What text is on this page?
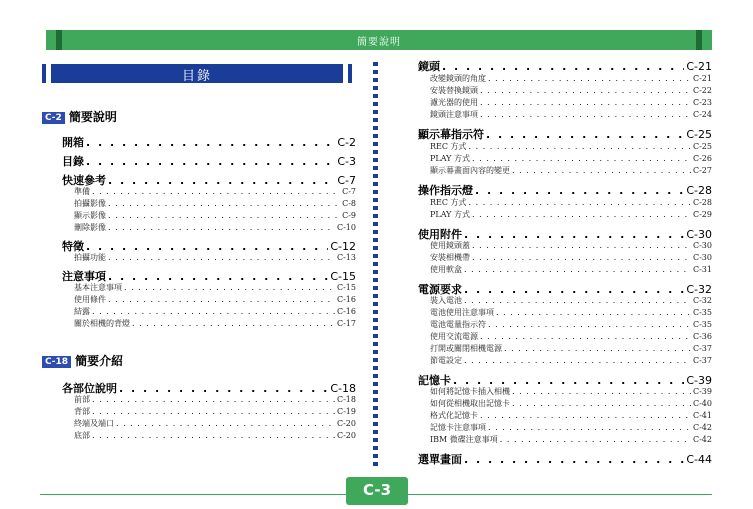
簡要說明
目錄
C-2 簡要說明
開箱 . . .	C-2
目錄 . . .	C-3
快速參考 . . .	C-7
準備 . . .	C-7
拍攝影像 . . .	C-8
顯示影像 . . .	C-9
刪除影像 . . .	C-10
特徵 . . .	C-12
拍攝功能 . . .	C-13
注意事項 . . .	C-15
基本注意事項 . . .	C-15
使用條件 . . .	C-16
結露 . . .	C-16
關於相機的背燈 . . .	C-17
C-18 簡要介紹
各部位說明 . . .	C-18
前部 . . .	C-18
背部 . . .	C-19
終端及端口 . . .	C-20
底部 . . .	C-20
鏡頭 . . .	C-21
改變鏡頭的角度 . . .	C-21
安裝替換鏡頭 . . .	C-22
濾光器的使用 . . .	C-23
鏡頭注意事項 . . .	C-24
顯示幕指示符 . . .	C-25
REC 方式 . . .	C-25
PLAY 方式 . . .	C-26
顯示幕畫面內容的變更 . . .	C-27
操作指示燈 . . .	C-28
REC 方式 . . .	C-28
PLAY 方式 . . .	C-29
使用附件 . . .	C-30
使用鏡頭蓋 . . .	C-30
安裝相機帶 . . .	C-30
使用軟盒 . . .	C-31
電源要求 . . .	C-32
裝入電池 . . .	C-32
電池使用注意事項 . . .	C-35
電池電量指示符 . . .	C-35
使用交流電源 . . .	C-36
打開或關閉相機電源 . . .	C-37
節電設定 . . .	C-37
記憶卡 . . .	C-39
如何將記憶卡插入相機 . . .	C-39
如何從相機取出記憶卡 . . .	C-40
格式化記憶卡 . . .	C-41
記憶卡注意事項 . . .	C-42
IBM 微碟注意事項 . . .	C-42
選單畫面 . . .	C-44
C-3
